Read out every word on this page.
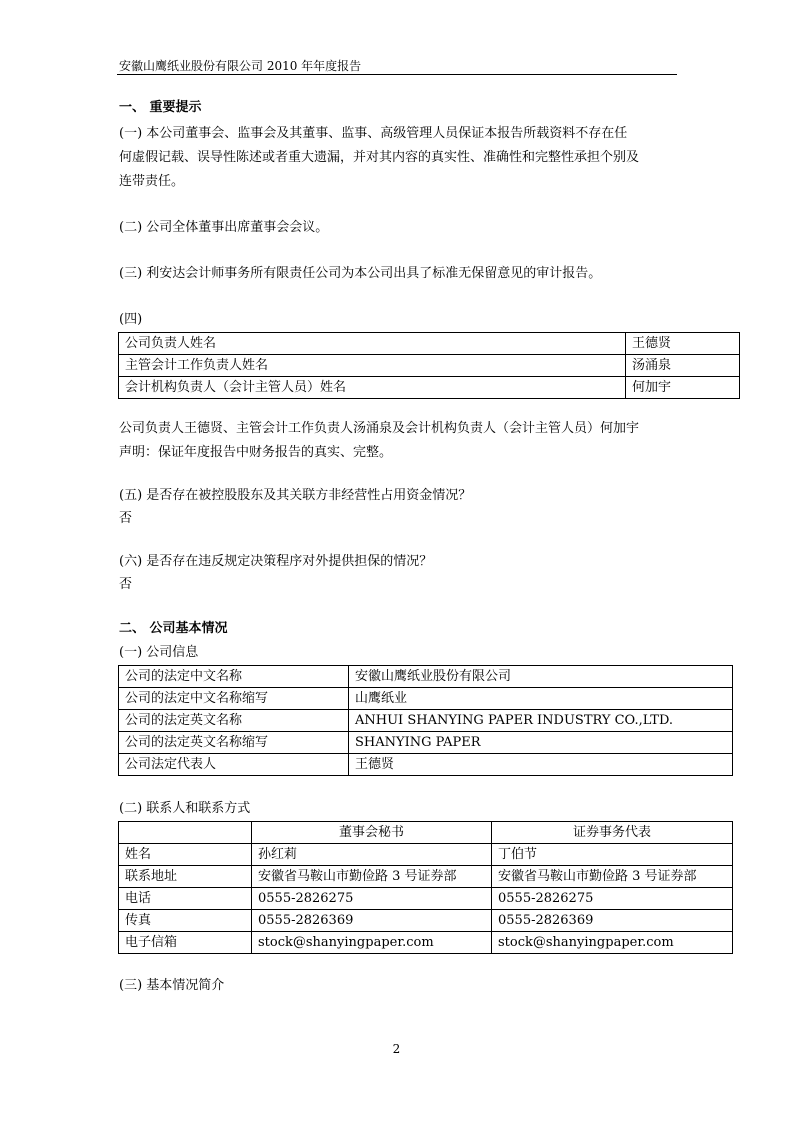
安徽山鹰纸业股份有限公司 2010 年年度报告
一、 重要提示
(一) 本公司董事会、监事会及其董事、监事、高级管理人员保证本报告所载资料不存在任
何虚假记载、误导性陈述或者重大遗漏，并对其内容的真实性、准确性和完整性承担个别及
连带责任。
(二) 公司全体董事出席董事会会议。
(三) 利安达会计师事务所有限责任公司为本公司出具了标准无保留意见的审计报告。
(四)
公司负责人姓名	王德贤
主管会计工作负责人姓名	汤涌泉
会计机构负责人（会计主管人员）姓名	何加宇
公司负责人王德贤、主管会计工作负责人汤涌泉及会计机构负责人（会计主管人员）何加宇
声明：保证年度报告中财务报告的真实、完整。
(五) 是否存在被控股股东及其关联方非经营性占用资金情况？
否
(六) 是否存在违反规定决策程序对外提供担保的情况？
否
二、 公司基本情况
(一) 公司信息
公司的法定中文名称	安徽山鹰纸业股份有限公司
公司的法定中文名称缩写	山鹰纸业
公司的法定英文名称	ANHUI SHANYING PAPER INDUSTRY CO.,LTD.
公司的法定英文名称缩写	SHANYING PAPER
公司法定代表人	王德贤
(二) 联系人和联系方式
	董事会秘书	证券事务代表
姓名	孙红莉	丁伯节
联系地址	安徽省马鞍山市勤俭路 3 号证券部	安徽省马鞍山市勤俭路 3 号证券部
电话	0555-2826275	0555-2826275
传真	0555-2826369	0555-2826369
电子信箱	stock@shanyingpaper.com	stock@shanyingpaper.com
(三) 基本情况简介
2
